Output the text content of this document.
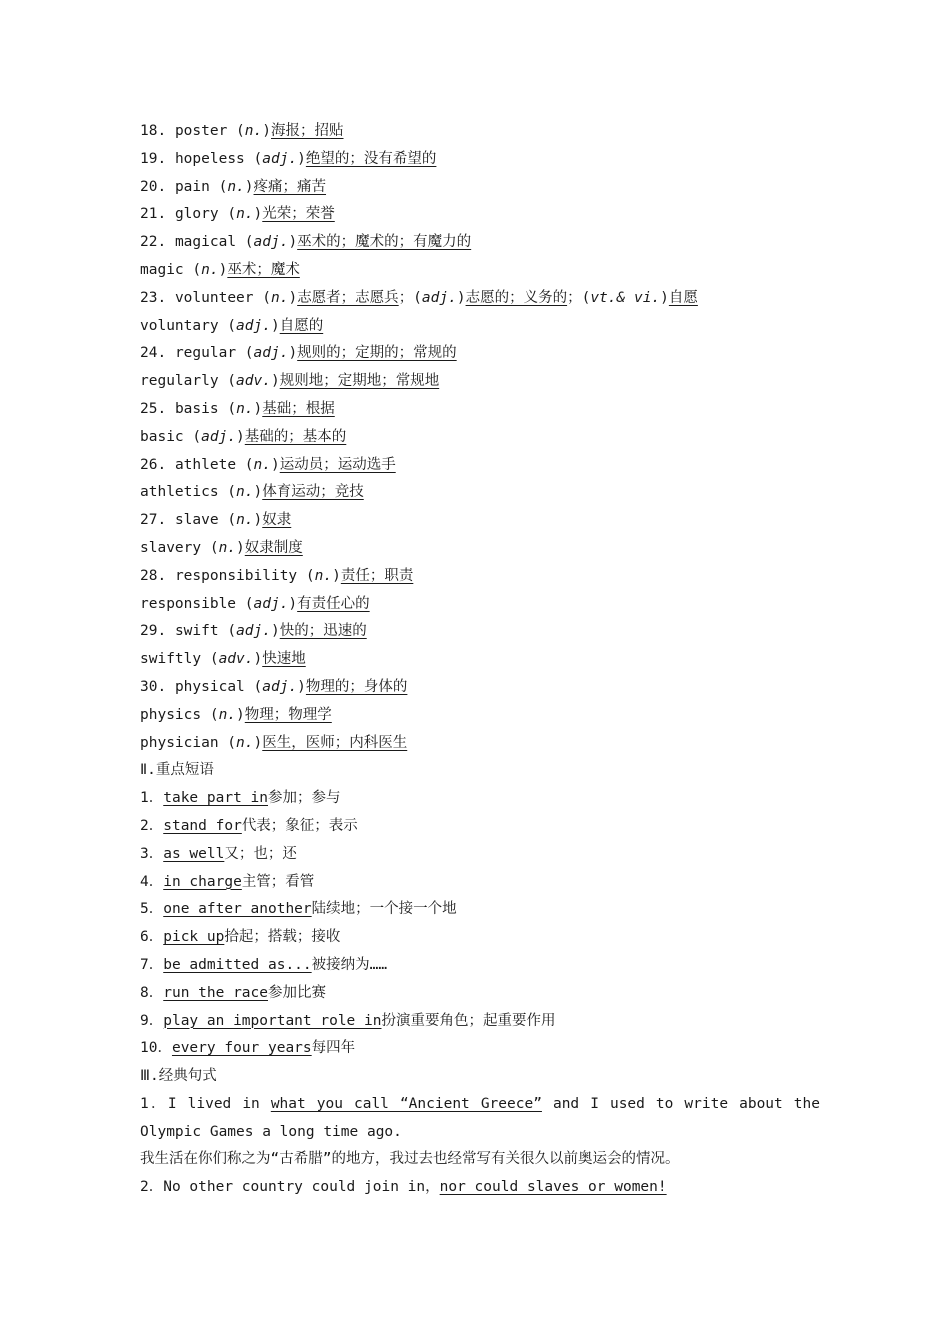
18. poster (n.)海报；招贴
19. hopeless (adj.)绝望的；没有希望的
20. pain (n.)疼痛；痛苦
21. glory (n.)光荣；荣誉
22. magical (adj.)巫术的；魔术的；有魔力的
magic (n.)巫术；魔术
23. volunteer (n.)志愿者；志愿兵；(adj.)志愿的；义务的；(vt.& vi.)自愿
voluntary (adj.)自愿的
24. regular (adj.)规则的；定期的；常规的
regularly (adv.)规则地；定期地；常规地
25. basis (n.)基础；根据
basic (adj.)基础的；基本的
26. athlete (n.)运动员；运动选手
athletics (n.)体育运动；竞技
27. slave (n.)奴隶
slavery (n.)奴隶制度
28. responsibility (n.)责任；职责
responsible (adj.)有责任心的
29. swift (adj.)快的；迅速的
swiftly (adv.)快速地
30. physical (adj.)物理的；身体的
physics (n.)物理；物理学
physician (n.)医生，医师；内科医生
Ⅱ.重点短语
1．take part in参加；参与
2．stand for代表；象征；表示
3．as well又；也；还
4．in charge主管；看管
5．one after another陆续地；一个接一个地
6．pick up拾起；搭载；接收
7．be admitted as...被接纳为……
8．run the race参加比赛
9．play an important role in扮演重要角色；起重要作用
10．every four years每四年
Ⅲ.经典句式
1．I lived in what you call “Ancient Greece” and I used to write about the Olympic Games a long time ago.
我生活在你们称之为“古希腊”的地方，我过去也经常写有关很久以前奥运会的情况。
2．No other country could join in，nor could slaves or women!
